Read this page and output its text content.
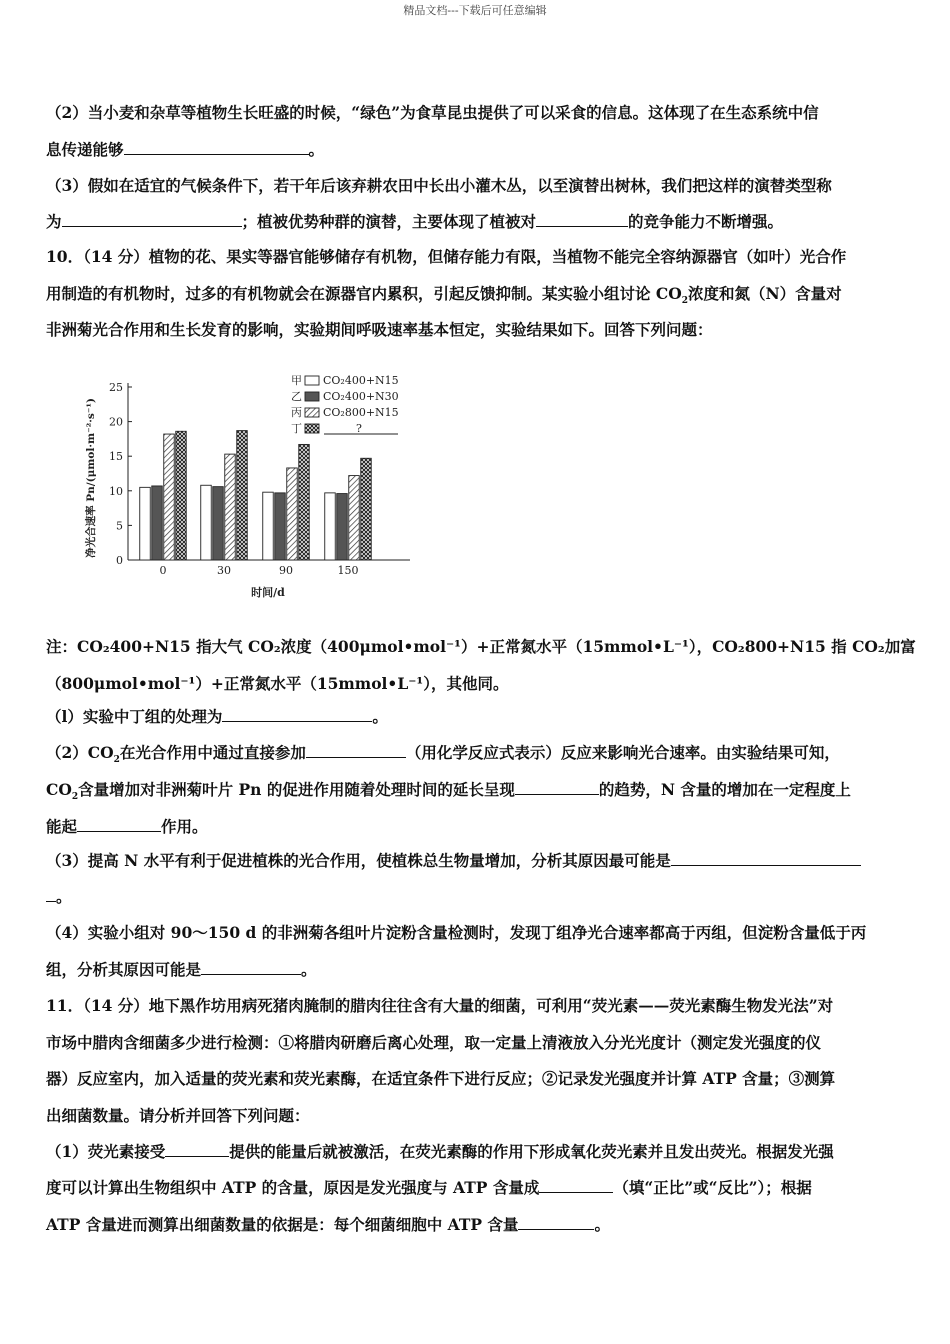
精品文档---下载后可任意编辑
（2）当小麦和杂草等植物生长旺盛的时候，“绿色”为食草昆虫提供了可以采食的信息。这体现了在生态系统中信
息传递能够	。
（3）假如在适宜的气候条件下，若干年后该弃耕农田中长出小灌木丛，以至演替出树林，我们把这样的演替类型称
为	；植被优势种群的演替，主要体现了植被对	的竞争能力不断增强。
10．（14 分）植物的花、果实等器官能够储存有机物，但储存能力有限，当植物不能完全容纳源器官（如叶）光合作
用制造的有机物时，过多的有机物就会在源器官内累积，引起反馈抑制。某实验小组讨论 $CO_2$浓度和氮（N）含量对
非洲菊光合作用和生长发育的影响，实验期间呼吸速率基本恒定，实验结果如下。回答下列问题：
0
5
10
15
20
25
净光合速率 Pn/(μmol·m⁻²·s⁻¹)
0	30	90	150
时间/d
甲 CO₂400+N15
乙 CO₂400+N30
丙 CO₂800+N15
丁	?
注：CO₂400+N15 指大气 CO₂浓度（400μmol•mol⁻¹）+正常氮水平（15mmol•L⁻¹），CO₂800+N15 指 CO₂加富
（800μmol•mol⁻¹）+正常氮水平（15mmol•L⁻¹），其他同。
（l）实验中丁组的处理为	。
$(2)CO_2$在光合作用中通过直接参加	（用化学反应式表示）反应来影响光合速率。由实验结果可知，
$CO_2$含量增加对非洲菊叶片 Pn 的促进作用随着处理时间的延长呈现	的趋势，N 含量的增加在一定程度上
能起	作用。
（3）提高 N 水平有利于促进植株的光合作用，使植株总生物量增加，分析其原因最可能是
。
（4）实验小组对 90～150 d 的非洲菊各组叶片淀粉含量检测时，发现丁组净光合速率都高于丙组，但淀粉含量低于丙
组，分析其原因可能是	。
11．（14 分）地下黑作坊用病死猪肉腌制的腊肉往往含有大量的细菌，可利用“荧光素——荧光素酶生物发光法”对
市场中腊肉含细菌多少进行检测：①将腊肉研磨后离心处理，取一定量上清液放入分光光度计（测定发光强度的仪
器）反应室内，加入适量的荧光素和荧光素酶，在适宜条件下进行反应；②记录发光强度并计算 ATP 含量；③测算
出细菌数量。请分析并回答下列问题：
（1）荧光素接受	提供的能量后就被激活，在荧光素酶的作用下形成氧化荧光素并且发出荧光。根据发光强
度可以计算出生物组织中 ATP 的含量，原因是发光强度与 ATP 含量成	（填“正比”或“反比”）；根据
ATP 含量进而测算出细菌数量的依据是：每个细菌细胞中 ATP 含量	。
